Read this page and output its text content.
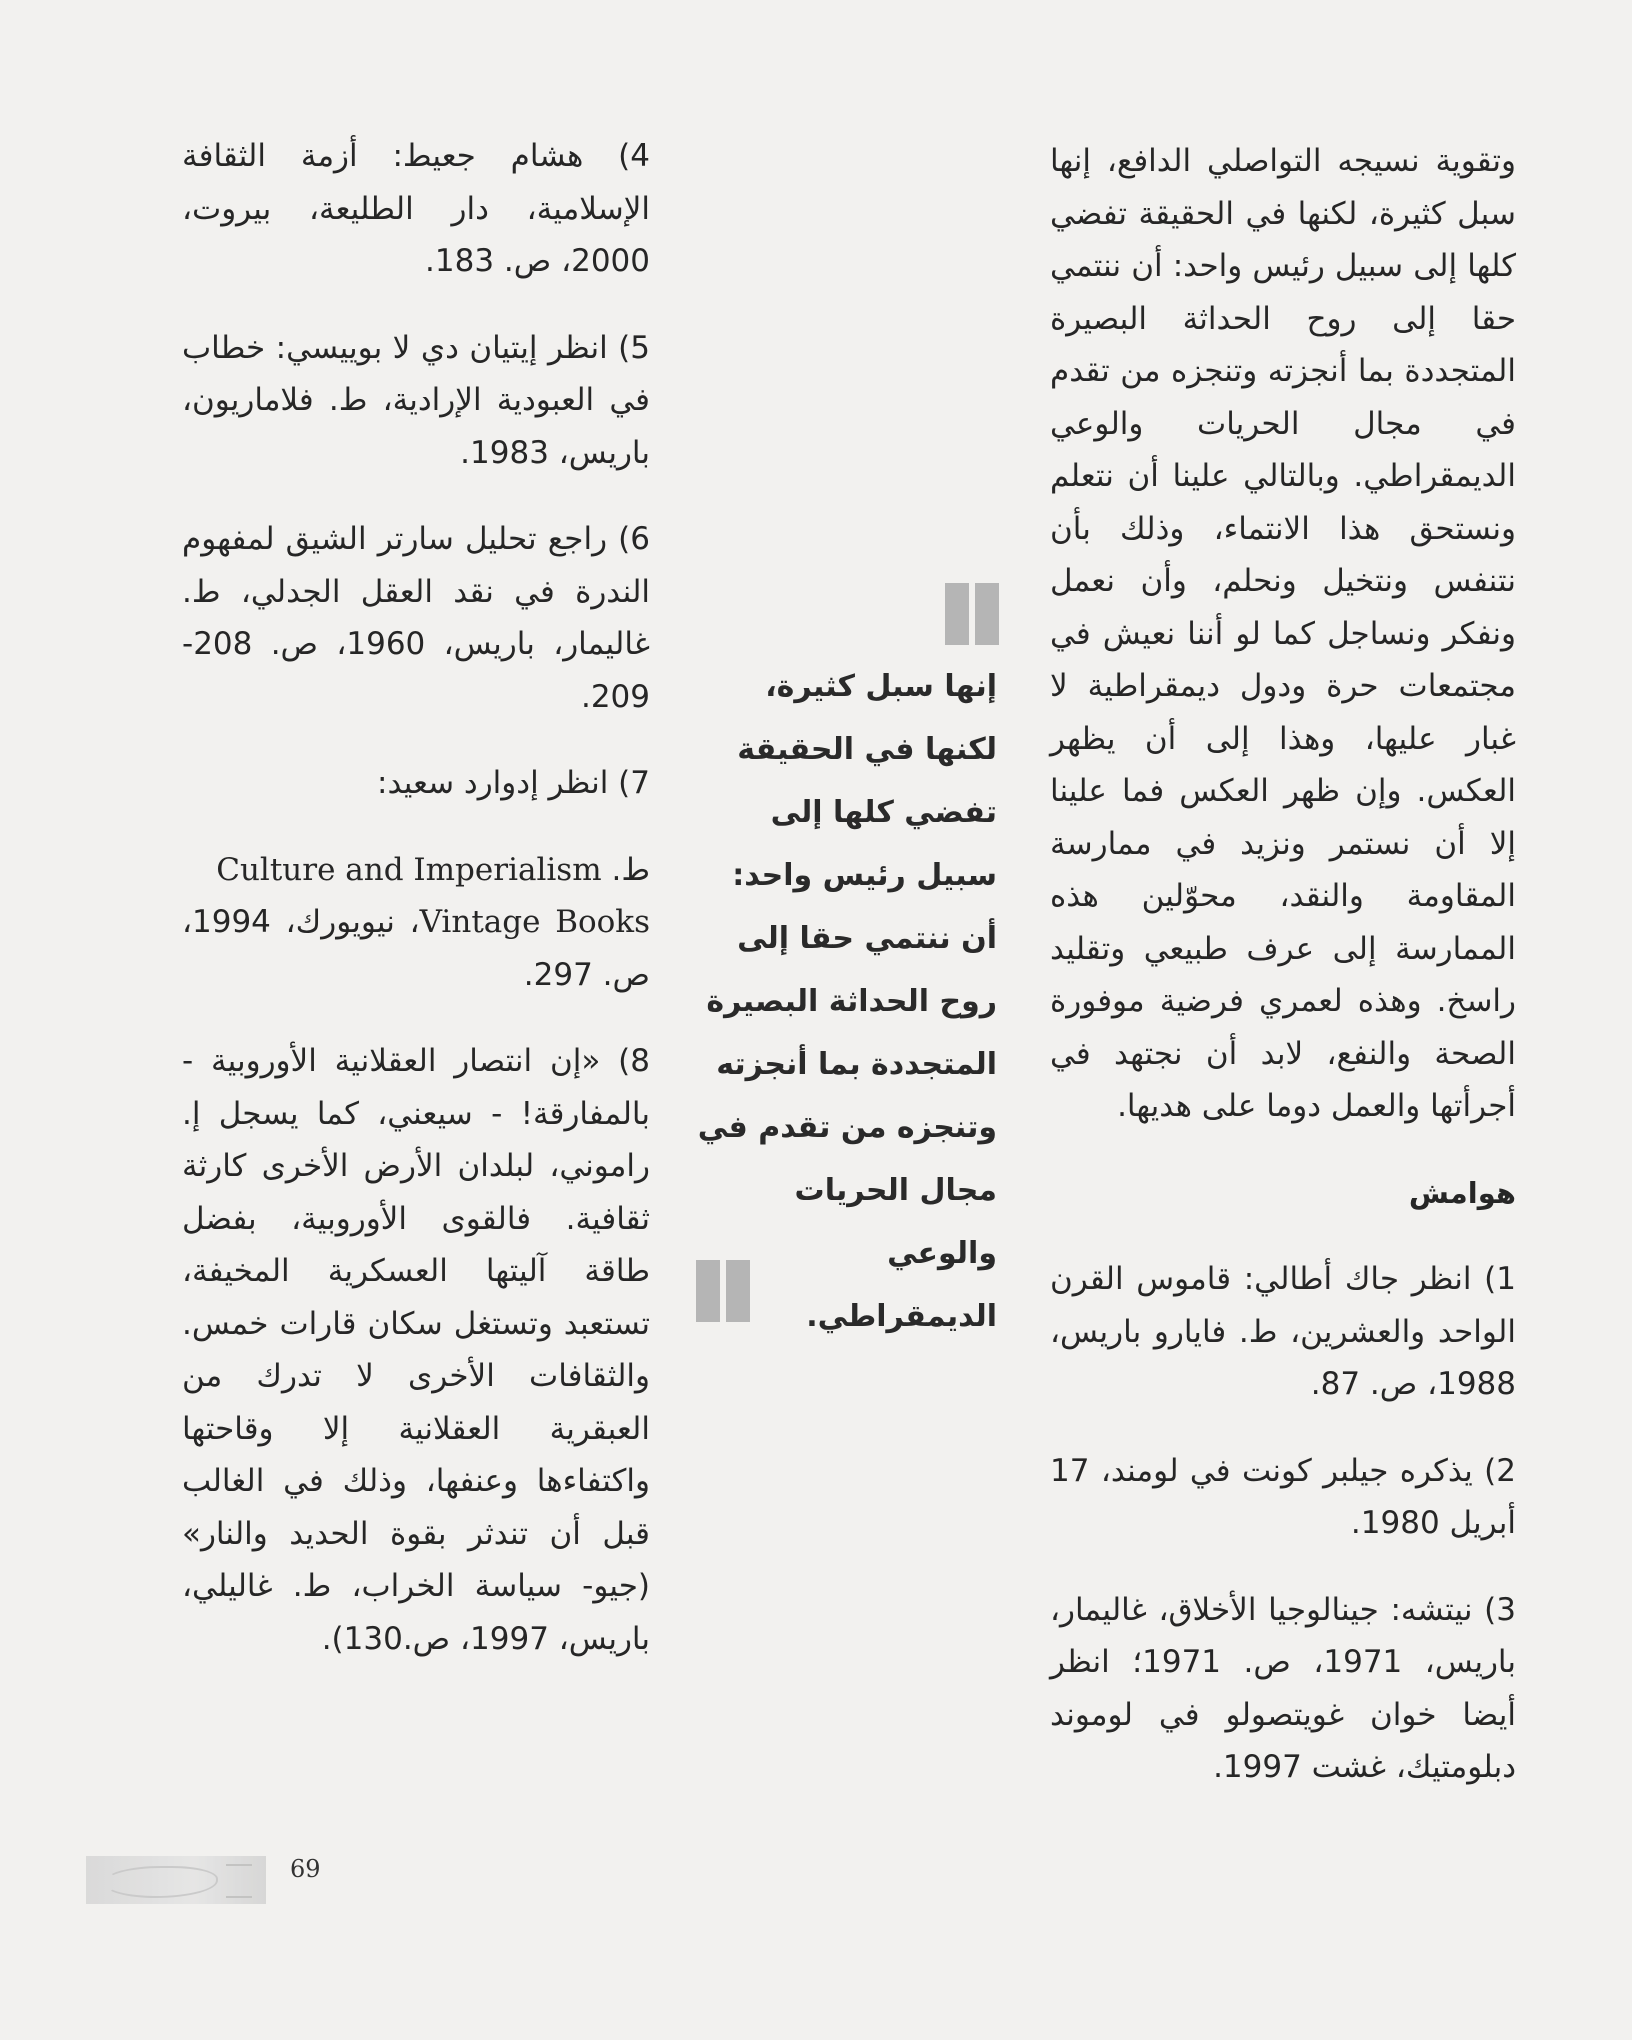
وتقوية نسيجه التواصلي الدافع، إنها سبل كثيرة، لكنها في الحقيقة تفضي كلها إلى سبيل رئيس واحد: أن ننتمي حقا إلى روح الحداثة البصيرة المتجددة بما أنجزته وتنجزه من تقدم في مجال الحريات والوعي الديمقراطي. وبالتالي علينا أن نتعلم ونستحق هذا الانتماء، وذلك بأن نتنفس ونتخيل ونحلم، وأن نعمل ونفكر ونساجل كما لو أننا نعيش في مجتمعات حرة ودول ديمقراطية لا غبار عليها، وهذا إلى أن يظهر العكس. وإن ظهر العكس فما علينا إلا أن نستمر ونزيد في ممارسة المقاومة والنقد، محوّلين هذه الممارسة إلى عرف طبيعي وتقليد راسخ. وهذه لعمري فرضية موفورة الصحة والنفع، لابد أن نجتهد في أجرأتها والعمل دوما على هديها.

هوامش

1) انظر جاك أطالي: قاموس القرن الواحد والعشرين، ط. فايارو باريس، 1988، ص. 87.

2) يذكره جيلبر كونت في لومند، 17 أبريل 1980.

3) نيتشه: جينالوجيا الأخلاق، غاليمار، باريس، 1971، ص. 1971؛ انظر أيضا خوان غويتصولو في لوموند دبلومتيك، غشت 1997.

إنها سبل كثيرة، لكنها في الحقيقة تفضي كلها إلى سبيل رئيس واحد: أن ننتمي حقا إلى روح الحداثة البصيرة المتجددة بما أنجزته وتنجزه من تقدم في مجال الحريات والوعي الديمقراطي.

4) هشام جعيط: أزمة الثقافة الإسلامية، دار الطليعة، بيروت، 2000، ص. 183.

5) انظر إيتيان دي لا بوييسي: خطاب في العبودية الإرادية، ط. فلاماريون، باريس، 1983.

6) راجع تحليل سارتر الشيق لمفهوم الندرة في نقد العقل الجدلي، ط. غاليمار، باريس، 1960، ص. 208-209.

7) انظر إدوارد سعيد:

ط. Culture and Imperialism
Vintage Books، نيويورك، 1994، ص. 297.

8) «إن انتصار العقلانية الأوروبية - بالمفارقة! - سيعني، كما يسجل إ. راموني، لبلدان الأرض الأخرى كارثة ثقافية. فالقوى الأوروبية، بفضل طاقة آليتها العسكرية المخيفة، تستعبد وتستغل سكان قارات خمس. والثقافات الأخرى لا تدرك من العبقرية العقلانية إلا وقاحتها واكتفاءها وعنفها، وذلك في الغالب قبل أن تندثر بقوة الحديد والنار» (جيو- سياسة الخراب، ط. غاليلي، باريس، 1997، ص.130).

69
